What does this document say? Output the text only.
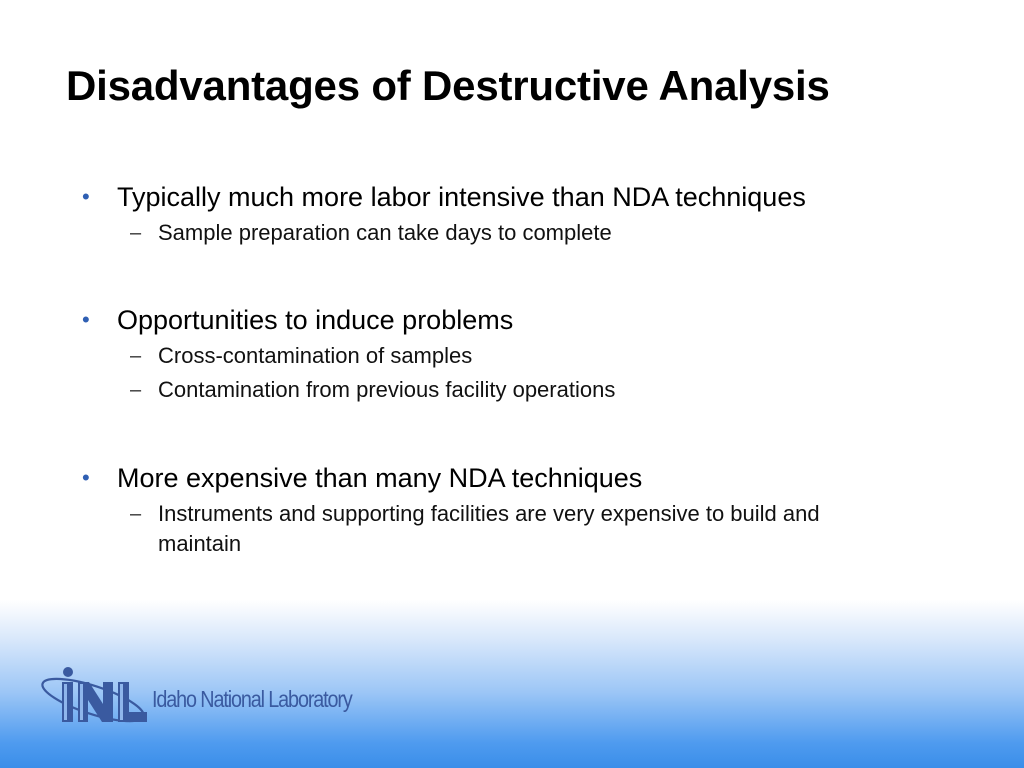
Disadvantages of Destructive Analysis
• Typically much more labor intensive than NDA techniques
– Sample preparation can take days to complete
• Opportunities to induce problems
– Cross-contamination of samples
– Contamination from previous facility operations
• More expensive than many NDA techniques
– Instruments and supporting facilities are very expensive to build and maintain
Idaho National Laboratory
